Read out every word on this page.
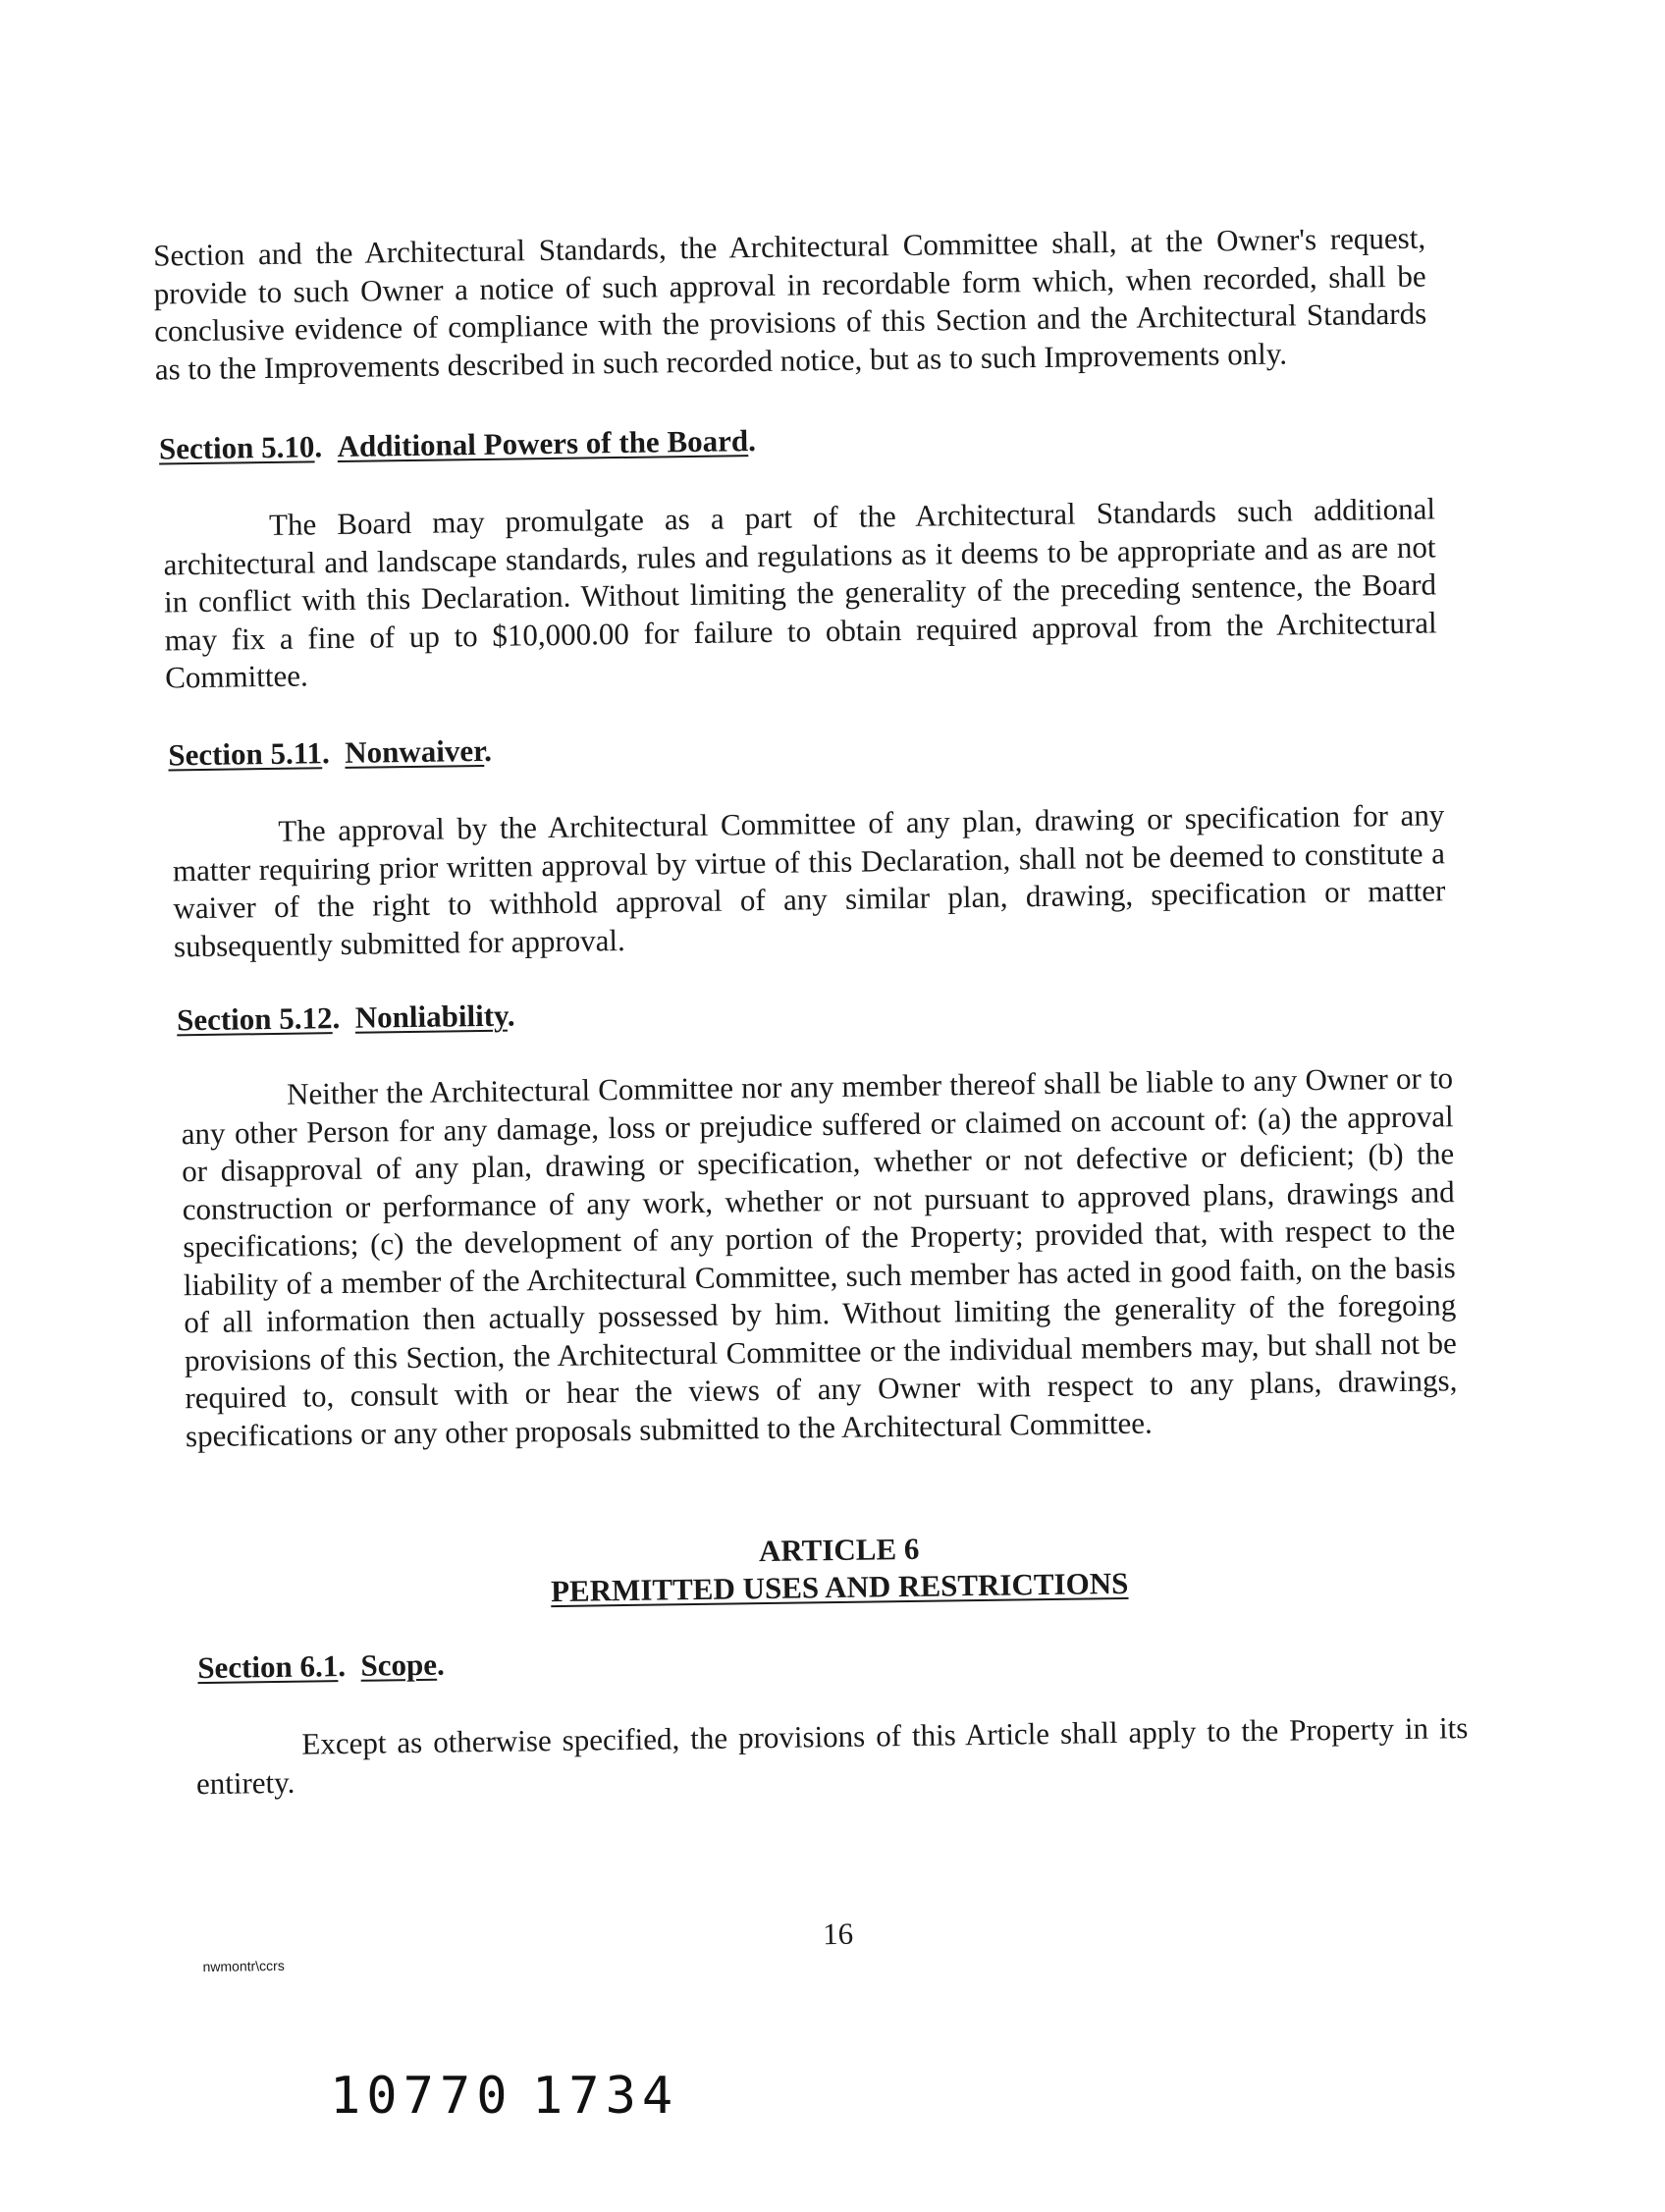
Section and the Architectural Standards, the Architectural Committee shall, at the Owner's request, provide to such Owner a notice of such approval in recordable form which, when recorded, shall be conclusive evidence of compliance with the provisions of this Section and the Architectural Standards as to the Improvements described in such recorded notice, but as to such Improvements only.
Section 5.10.  Additional Powers of the Board.
The Board may promulgate as a part of the Architectural Standards such additional architectural and landscape standards, rules and regulations as it deems to be appropriate and as are not in conflict with this Declaration. Without limiting the generality of the preceding sentence, the Board may fix a fine of up to $10,000.00 for failure to obtain required approval from the Architectural Committee.
Section 5.11.  Nonwaiver.
The approval by the Architectural Committee of any plan, drawing or specification for any matter requiring prior written approval by virtue of this Declaration, shall not be deemed to constitute a waiver of the right to withhold approval of any similar plan, drawing, specification or matter subsequently submitted for approval.
Section 5.12.  Nonliability.
Neither the Architectural Committee nor any member thereof shall be liable to any Owner or to any other Person for any damage, loss or prejudice suffered or claimed on account of: (a) the approval or disapproval of any plan, drawing or specification, whether or not defective or deficient; (b) the construction or performance of any work, whether or not pursuant to approved plans, drawings and specifications; (c) the development of any portion of the Property; provided that, with respect to the liability of a member of the Architectural Committee, such member has acted in good faith, on the basis of all information then actually possessed by him. Without limiting the generality of the foregoing provisions of this Section, the Architectural Committee or the individual members may, but shall not be required to, consult with or hear the views of any Owner with respect to any plans, drawings, specifications or any other proposals submitted to the Architectural Committee.
ARTICLE 6
PERMITTED USES AND RESTRICTIONS
Section 6.1.  Scope.
Except as otherwise specified, the provisions of this Article shall apply to the Property in its entirety.
16
nwmontr\ccrs
10770 1734
